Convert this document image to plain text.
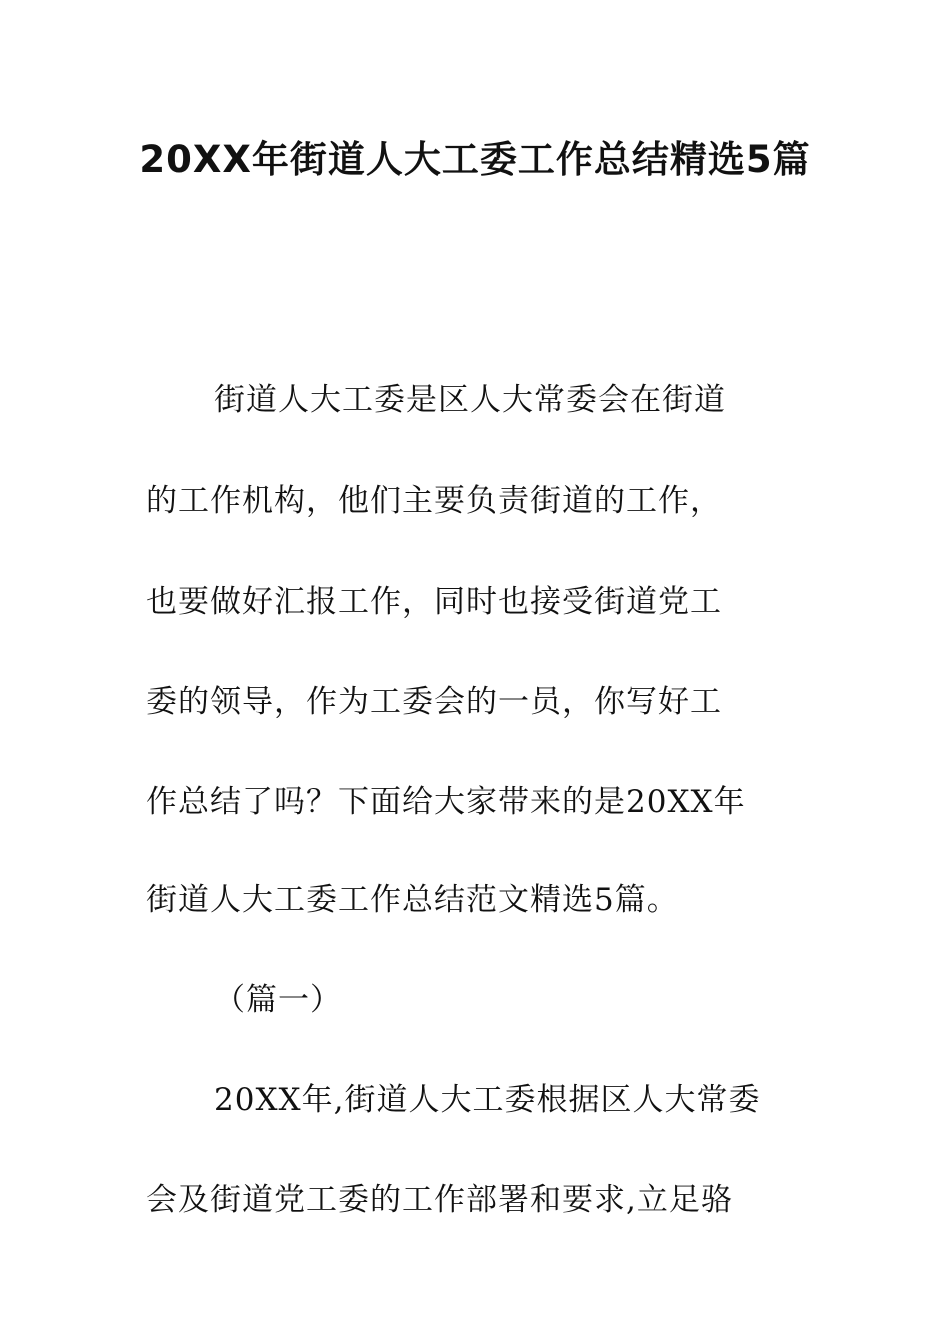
20XX年街道人大工委工作总结精选5篇

街道人大工委是区人大常委会在街道

的工作机构，他们主要负责街道的工作，

也要做好汇报工作，同时也接受街道党工

委的领导，作为工委会的一员，你写好工

作总结了吗？下面给大家带来的是20XX年

街道人大工委工作总结范文精选5篇。

（篇一）

20XX年,街道人大工委根据区人大常委

会及街道党工委的工作部署和要求,立足骆
